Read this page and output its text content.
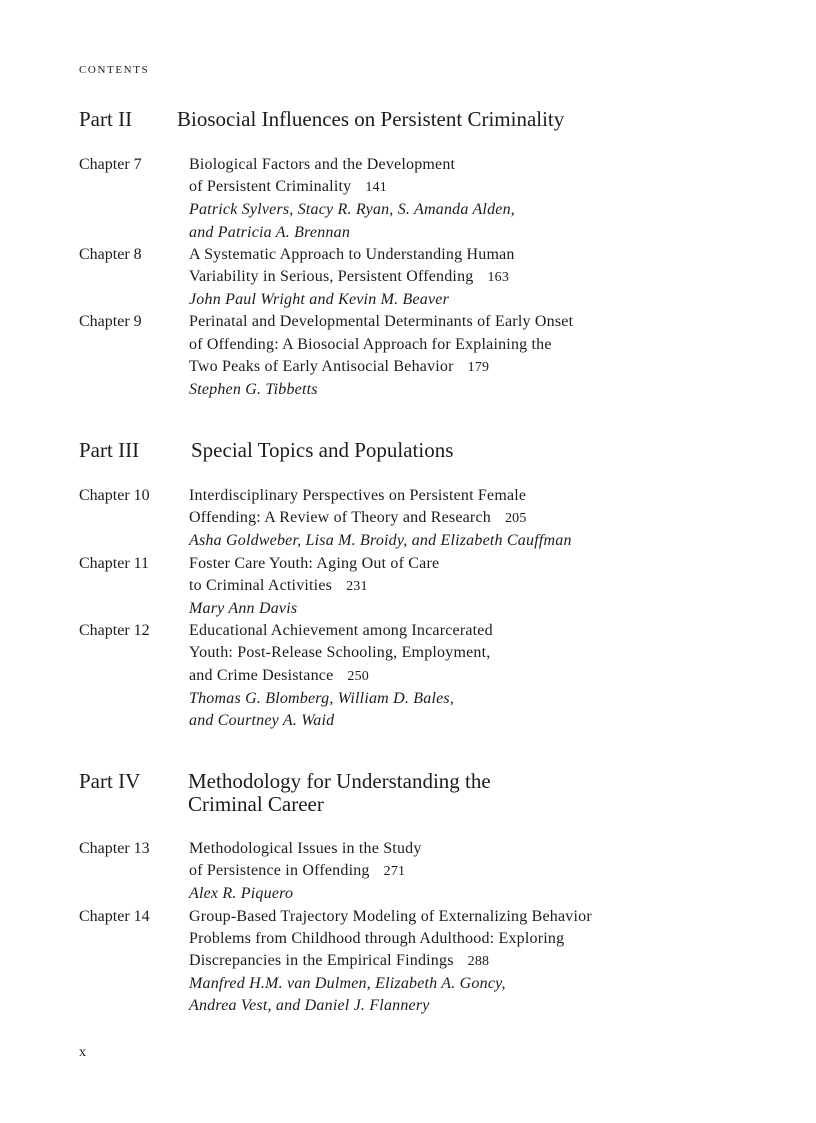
CONTENTS
Part II Biosocial Influences on Persistent Criminality
Chapter 7	Biological Factors and the Development
of Persistent Criminality 141
Patrick Sylvers, Stacy R. Ryan, S. Amanda Alden,
and Patricia A. Brennan
Chapter 8	A Systematic Approach to Understanding Human
Variability in Serious, Persistent Offending 163
John Paul Wright and Kevin M. Beaver
Chapter 9	Perinatal and Developmental Determinants of Early Onset
of Offending: A Biosocial Approach for Explaining the
Two Peaks of Early Antisocial Behavior 179
Stephen G. Tibbetts
Part III Special Topics and Populations
Chapter 10 Interdisciplinary Perspectives on Persistent Female
Offending: A Review of Theory and Research 205
Asha Goldweber, Lisa M. Broidy, and Elizabeth Cauffman
Chapter 11 Foster Care Youth: Aging Out of Care
to Criminal Activities 231
Mary Ann Davis
Chapter 12 Educational Achievement among Incarcerated
Youth: Post-Release Schooling, Employment,
and Crime Desistance 250
Thomas G. Blomberg, William D. Bales,
and Courtney A. Waid
Part IV Methodology for Understanding the
Criminal Career
Chapter 13 Methodological Issues in the Study
of Persistence in Offending 271
Alex R. Piquero
Chapter 14 Group-Based Trajectory Modeling of Externalizing Behavior
Problems from Childhood through Adulthood: Exploring
Discrepancies in the Empirical Findings 288
Manfred H.M. van Dulmen, Elizabeth A. Goncy,
Andrea Vest, and Daniel J. Flannery
x
